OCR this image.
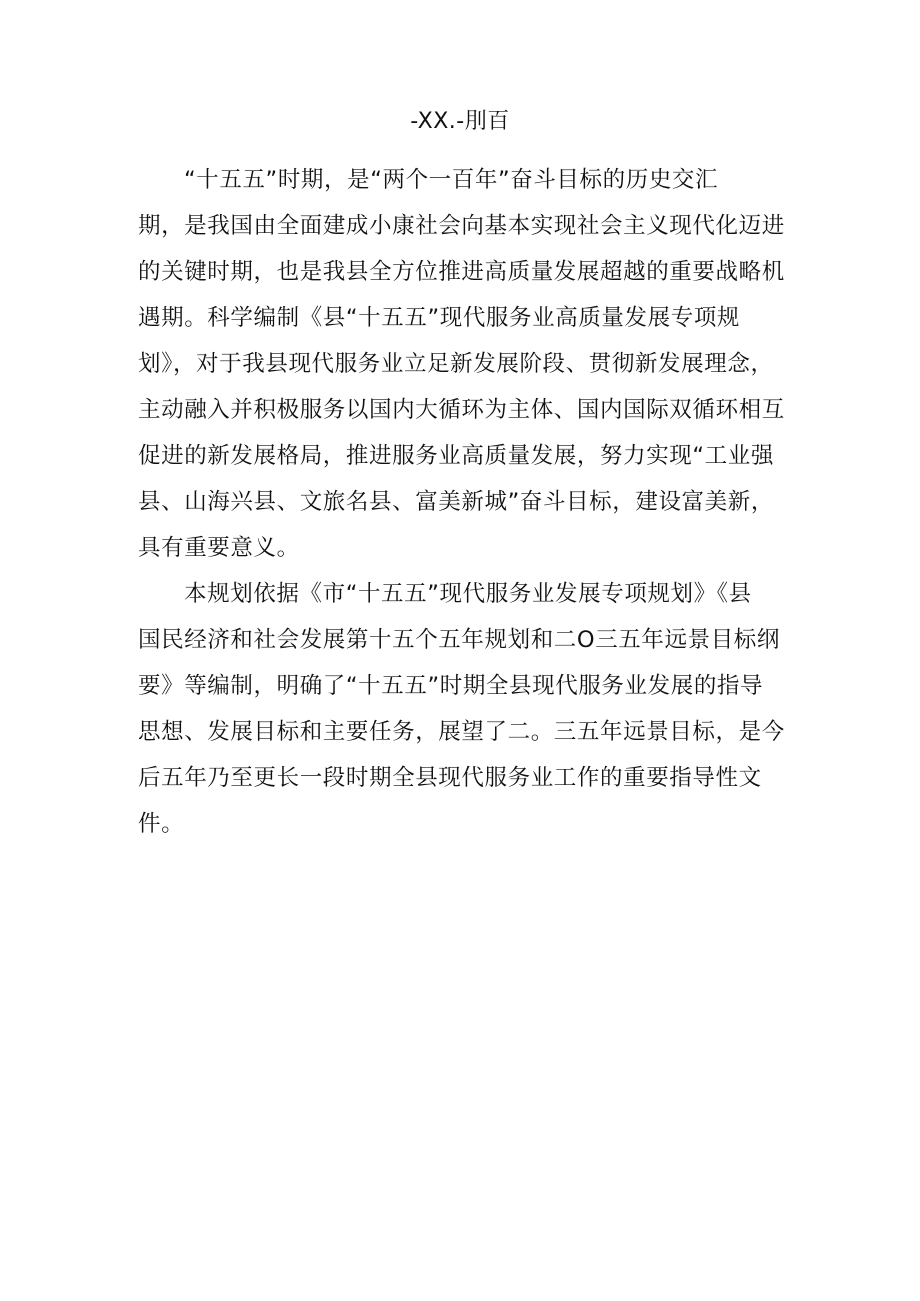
-XX.-刖百
“十五五”时期，是“两个一百年”奋斗目标的历史交汇
期，是我国由全面建成小康社会向基本实现社会主义现代化迈进
的关键时期，也是我县全方位推进高质量发展超越的重要战略机
遇期。科学编制《县“十五五”现代服务业高质量发展专项规
划》，对于我县现代服务业立足新发展阶段、贯彻新发展理念，
主动融入并积极服务以国内大循环为主体、国内国际双循环相互
促进的新发展格局，推进服务业高质量发展，努力实现“工业强
县、山海兴县、文旅名县、富美新城”奋斗目标，建设富美新，
具有重要意义。
本规划依据《市“十五五”现代服务业发展专项规划》《县
国民经济和社会发展第十五个五年规划和二O三五年远景目标纲
要》等编制，明确了“十五五”时期全县现代服务业发展的指导
思想、发展目标和主要任务，展望了二。三五年远景目标，是今
后五年乃至更长一段时期全县现代服务业工作的重要指导性文
件。
